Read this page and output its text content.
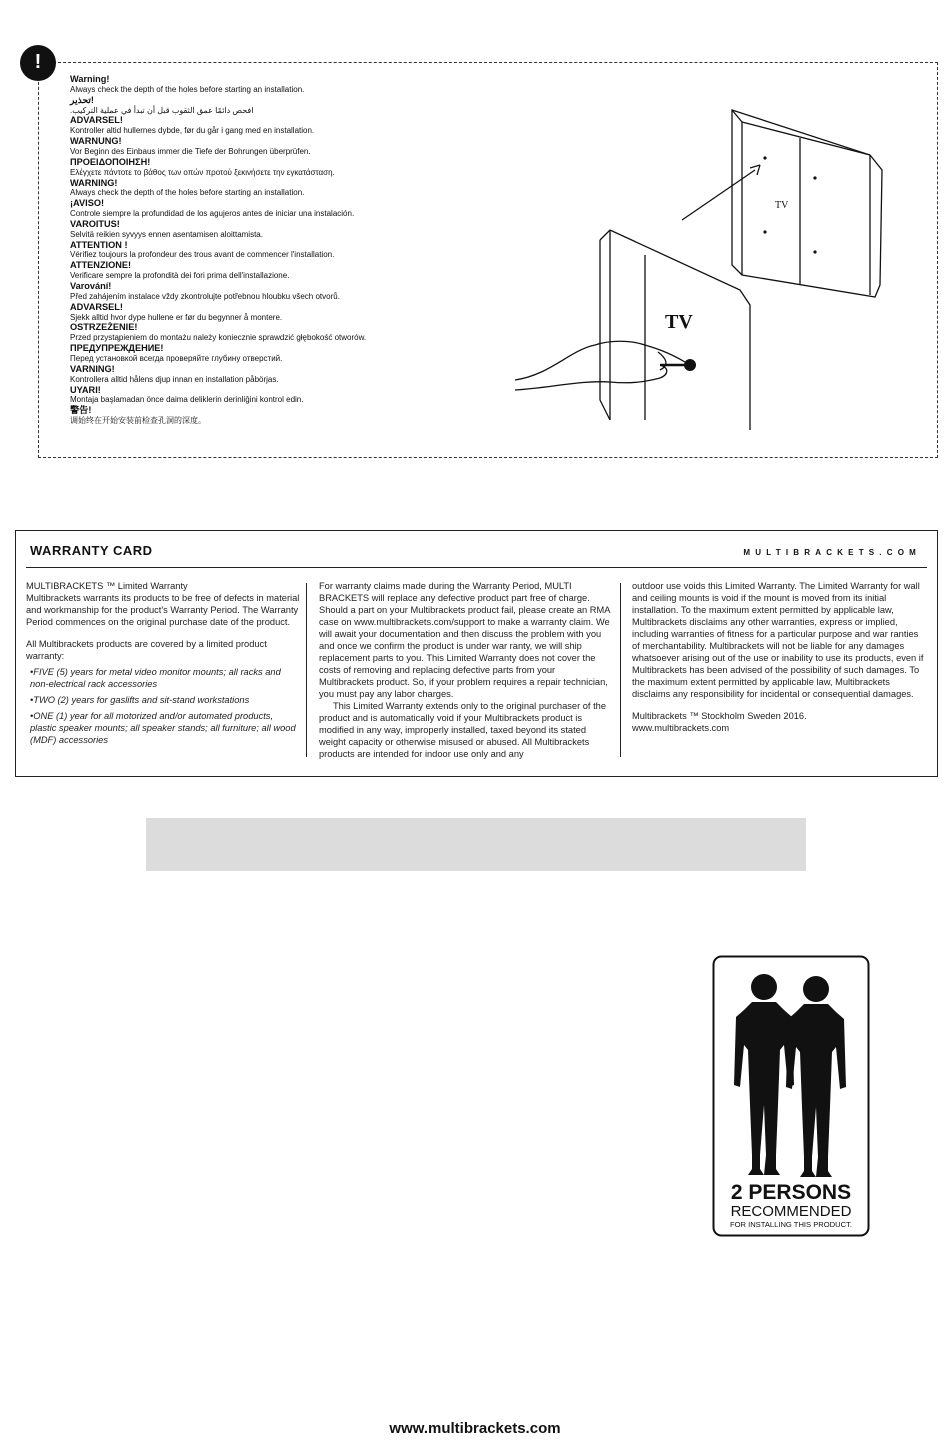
!
Warning!
Always check the depth of the holes before starting an installation.
!تحذير
افحص دائمًا عمق الثقوب قبل أن تبدأ في عملية التركيب.
ADVARSEL!
Kontroller altid hullernes dybde, før du går i gang med en installation.
WARNUNG!
Vor Beginn des Einbaus immer die Tiefe der Bohrungen überprüfen.
ΠΡΟΕΙΔΟΠΟΙΗΣΗ!
Ελέγχετε πάντοτε το βάθος των οπών προτού ξεκινήσετε την εγκατάσταση.
WARNING!
Always check the depth of the holes before starting an installation.
¡AVISO!
Controle siempre la profundidad de los agujeros antes de iniciar una instalación.
VAROITUS!
Selvitä reikien syvyys ennen asentamisen aloittamista.
ATTENTION !
Vérifiez toujours la profondeur des trous avant de commencer l'installation.
ATTENZIONE!
Verificare sempre la profondità dei fori prima dell'installazione.
Varování!
Před zahájením instalace vždy zkontrolujte potřebnou hloubku všech otvorů.
ADVARSEL!
Sjekk alltid hvor dype hullene er før du begynner å montere.
OSTRZEŻENIE!
Przed przystąpieniem do montażu należy koniecznie sprawdzić głębokość otworów.
ПРЕДУПРЕЖДЕНИЕ!
Перед установкой всегда проверяйте глубину отверстий.
VARNING!
Kontrollera alltid hålens djup innan en installation påbörjas.
UYARI!
Montaja başlamadan önce daima deliklerin derinliğini kontrol edin.
警告!
调始终在开始安装前检查孔洞的深度。
TV
TV
WARRANTY CARD	MULTIBRACKETS.COM
MULTIBRACKETS ™ Limited Warranty
Multibrackets warrants its products to be free of defects in material and workmanship for the product's Warranty Period. The Warranty Period commences on the original purchase date of the product.
All Multibrackets products are covered by a limited product warranty:
•FIVE (5) years for metal video monitor mounts; all racks and non-electrical rack accessories
•TWO (2) years for gaslifts and sit-stand workstations
•ONE (1) year for all motorized and/or automated products, plastic speaker mounts; all speaker stands; all furniture; all wood (MDF) accessories
For warranty claims made during the Warranty Period, MULTI BRACKETS will replace any defective product part free of charge. Should a part on your Multibrackets product fail, please create an RMA case on www.multibrackets.com/support to make a warranty claim. We will await your documentation and then discuss the problem with you and once we confirm the product is under war ranty, we will ship replacement parts to you. This Limited Warranty does not cover the costs of removing and replacing defective parts from your Multibrackets product. So, if your problem requires a repair technician, you must pay any labor charges.
This Limited Warranty extends only to the original purchaser of the product and is automatically void if your Multibrackets product is modified in any way, improperly installed, taxed beyond its stated weight capacity or otherwise misused or abused. All Multibrackets products are intended for indoor use only and any
outdoor use voids this Limited Warranty. The Limited Warranty for wall and ceiling mounts is void if the mount is moved from its initial installation. To the maximum extent permitted by applicable law, Multibrackets disclaims any other warranties, express or implied, including warranties of fitness for a particular purpose and war ranties of merchantability. Multibrackets will not be liable for any damages whatsoever arising out of the use or inability to use its products, even if Multibrackets has been advised of the possibility of such damages. To the maximum extent permitted by applicable law, Multibrackets disclaims any responsibility for incidental or consequential damages.
Multibrackets ™ Stockholm Sweden 2016.
www.multibrackets.com
2 PERSONS
RECOMMENDED
FOR INSTALLING THIS PRODUCT.
www.multibrackets.com
